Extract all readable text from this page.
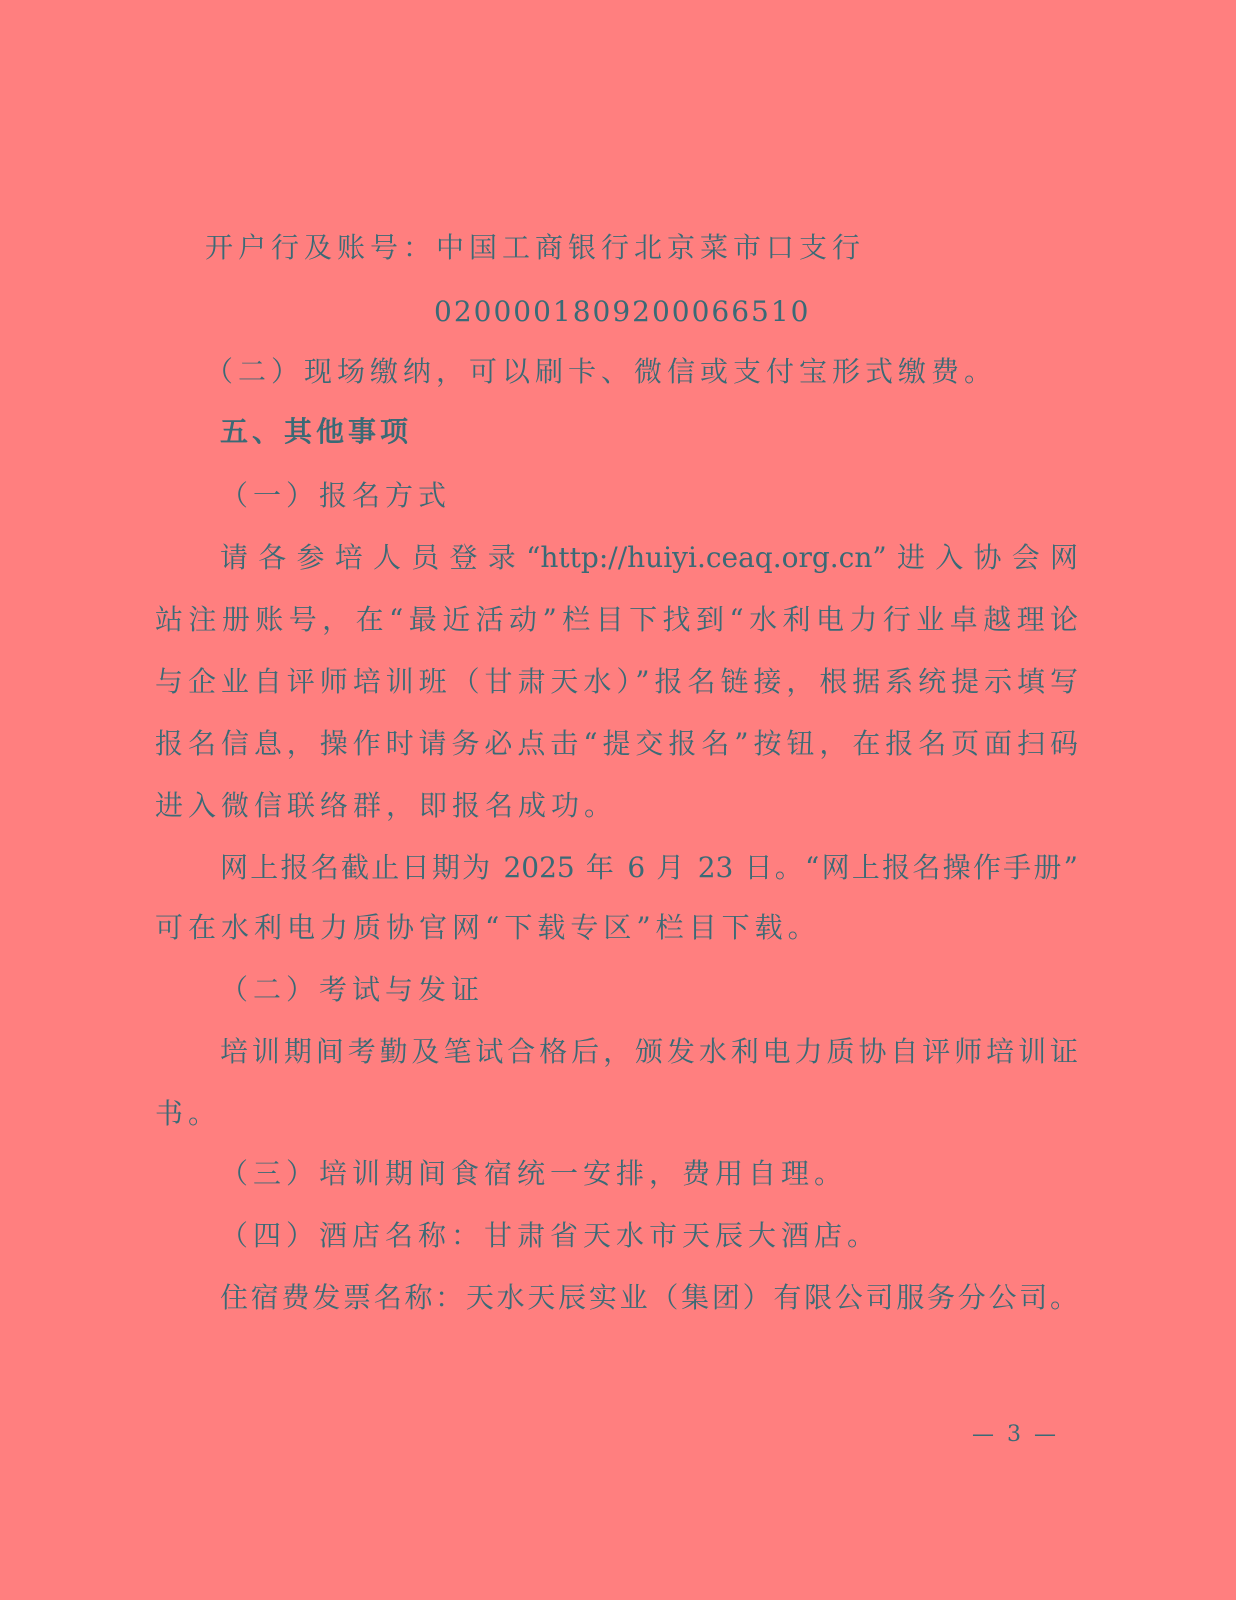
开户行及账号：中国工商银行北京菜市口支行
0200001809200066510
（二）现场缴纳，可以刷卡、微信或支付宝形式缴费。
五、其他事项
（一）报名方式
请各参培人员登录“http://huiyi.ceaq.org.cn”进入协会网
站注册账号，在“最近活动”栏目下找到“水利电力行业卓越理论
与企业自评师培训班（甘肃天水）”报名链接，根据系统提示填写
报名信息，操作时请务必点击“提交报名”按钮，在报名页面扫码
进入微信联络群，即报名成功。
网上报名截止日期为 2025 年 6 月 23 日。“网上报名操作手册”
可在水利电力质协官网“下载专区”栏目下载。
（二）考试与发证
培训期间考勤及笔试合格后，颁发水利电力质协自评师培训证
书。
（三）培训期间食宿统一安排，费用自理。
（四）酒店名称：甘肃省天水市天辰大酒店。
住宿费发票名称：天水天辰实业（集团）有限公司服务分公司。
— 3 —
